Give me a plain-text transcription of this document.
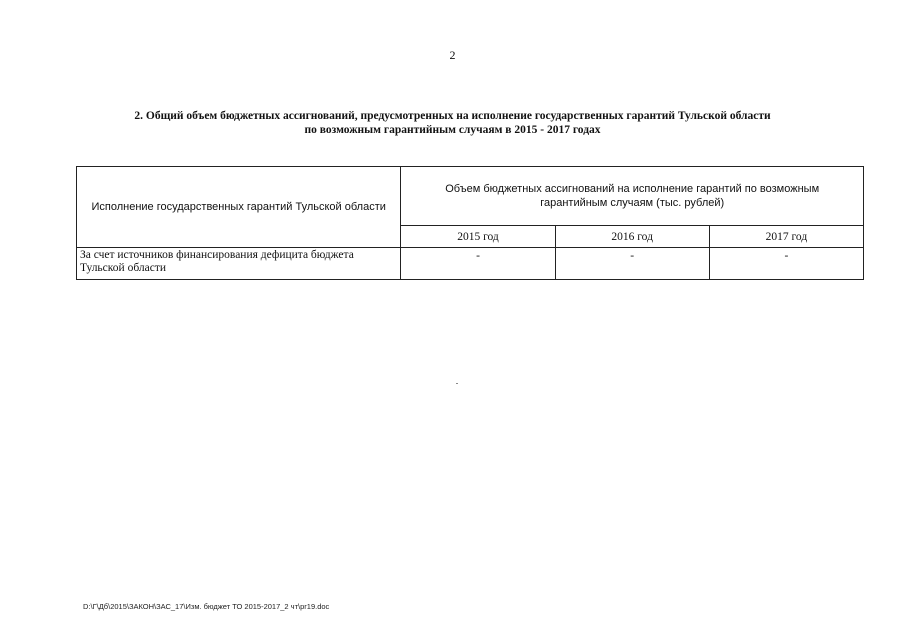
2
2. Общий объем бюджетных ассигнований, предусмотренных на исполнение государственных гарантий Тульской области
по возможным гарантийным случаям в 2015 - 2017 годах
Исполнение государственных гарантий Тульской области	Объем бюджетных ассигнований на исполнение гарантий по возможным гарантийным случаям (тыс. рублей)		
	2015 год	2016 год	2017 год
За счет источников финансирования дефицита бюджета Тульской области	-	-	-
D:\Г\Дб\2015\ЗАКОН\ЗАС_17\Изм. бюджет ТО 2015-2017_2 чт\pr19.doc
